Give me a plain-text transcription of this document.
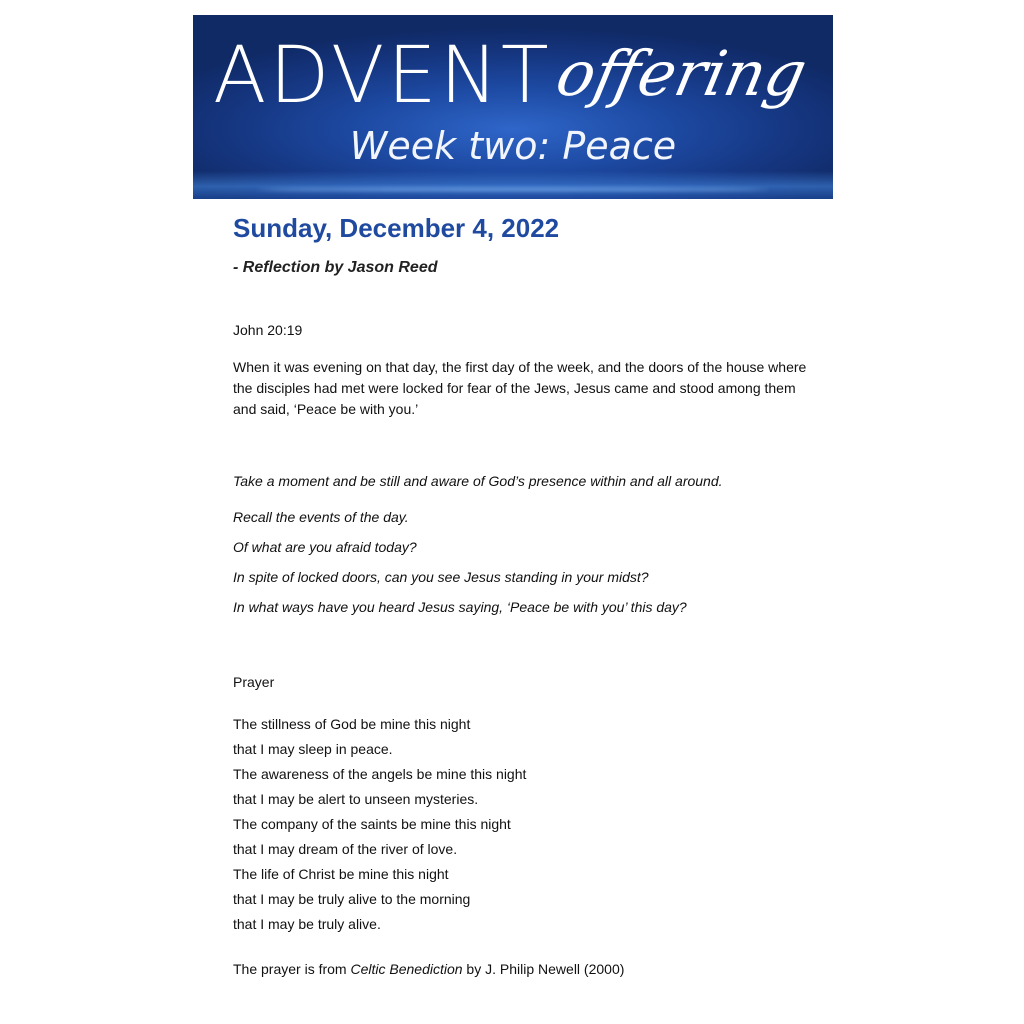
ADVENT
offering
Week two: Peace
Sunday, December 4, 2022

- Reflection by Jason Reed

John 20:19

When it was evening on that day, the first day of the week, and the doors of the house where the disciples had met were locked for fear of the Jews, Jesus came and stood among them and said, ‘Peace be with you.’

Take a moment and be still and aware of God’s presence within and all around.

Recall the events of the day.

Of what are you afraid today?

In spite of locked doors, can you see Jesus standing in your midst?

In what ways have you heard Jesus saying, ‘Peace be with you’ this day?

Prayer

The stillness of God be mine this night

that I may sleep in peace.

The awareness of the angels be mine this night

that I may be alert to unseen mysteries.

The company of the saints be mine this night

that I may dream of the river of love.

The life of Christ be mine this night

that I may be truly alive to the morning

that I may be truly alive.

The prayer is from Celtic Benediction by J. Philip Newell (2000)
